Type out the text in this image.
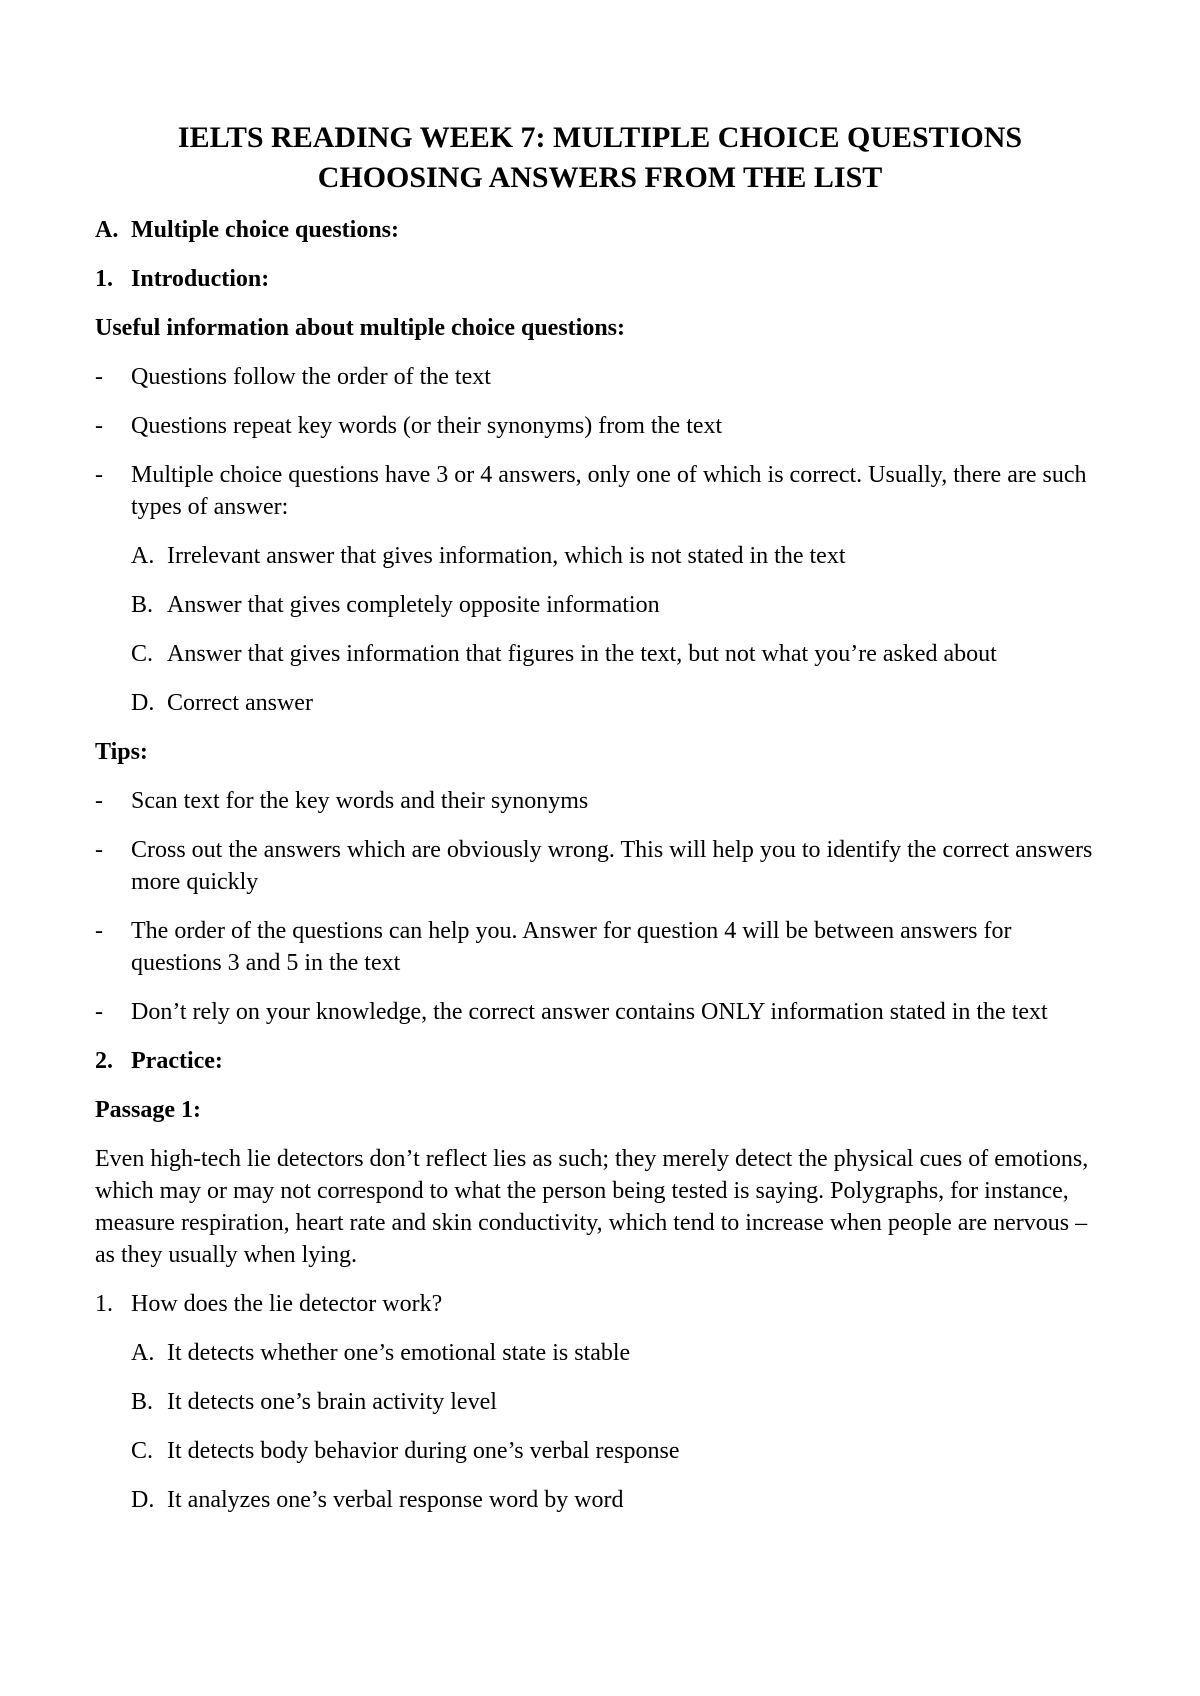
IELTS READING WEEK 7: MULTIPLE CHOICE QUESTIONS
CHOOSING ANSWERS FROM THE LIST
A. Multiple choice questions:
1. Introduction:
Useful information about multiple choice questions:
-	Questions follow the order of the text
-	Questions repeat key words (or their synonyms) from the text
-	Multiple choice questions have 3 or 4 answers, only one of which is correct. Usually, there are such types of answer:
A. Irrelevant answer that gives information, which is not stated in the text
B. Answer that gives completely opposite information
C. Answer that gives information that figures in the text, but not what you’re asked about
D. Correct answer
Tips:
-	Scan text for the key words and their synonyms
-	Cross out the answers which are obviously wrong. This will help you to identify the correct answers more quickly
-	The order of the questions can help you. Answer for question 4 will be between answers for questions 3 and 5 in the text
-	Don’t rely on your knowledge, the correct answer contains ONLY information stated in the text
2. Practice:
Passage 1:
Even high-tech lie detectors don’t reflect lies as such; they merely detect the physical cues of emotions, which may or may not correspond to what the person being tested is saying. Polygraphs, for instance, measure respiration, heart rate and skin conductivity, which tend to increase when people are nervous – as they usually when lying.
1. How does the lie detector work?
A. It detects whether one’s emotional state is stable
B. It detects one’s brain activity level
C. It detects body behavior during one’s verbal response
D. It analyzes one’s verbal response word by word
